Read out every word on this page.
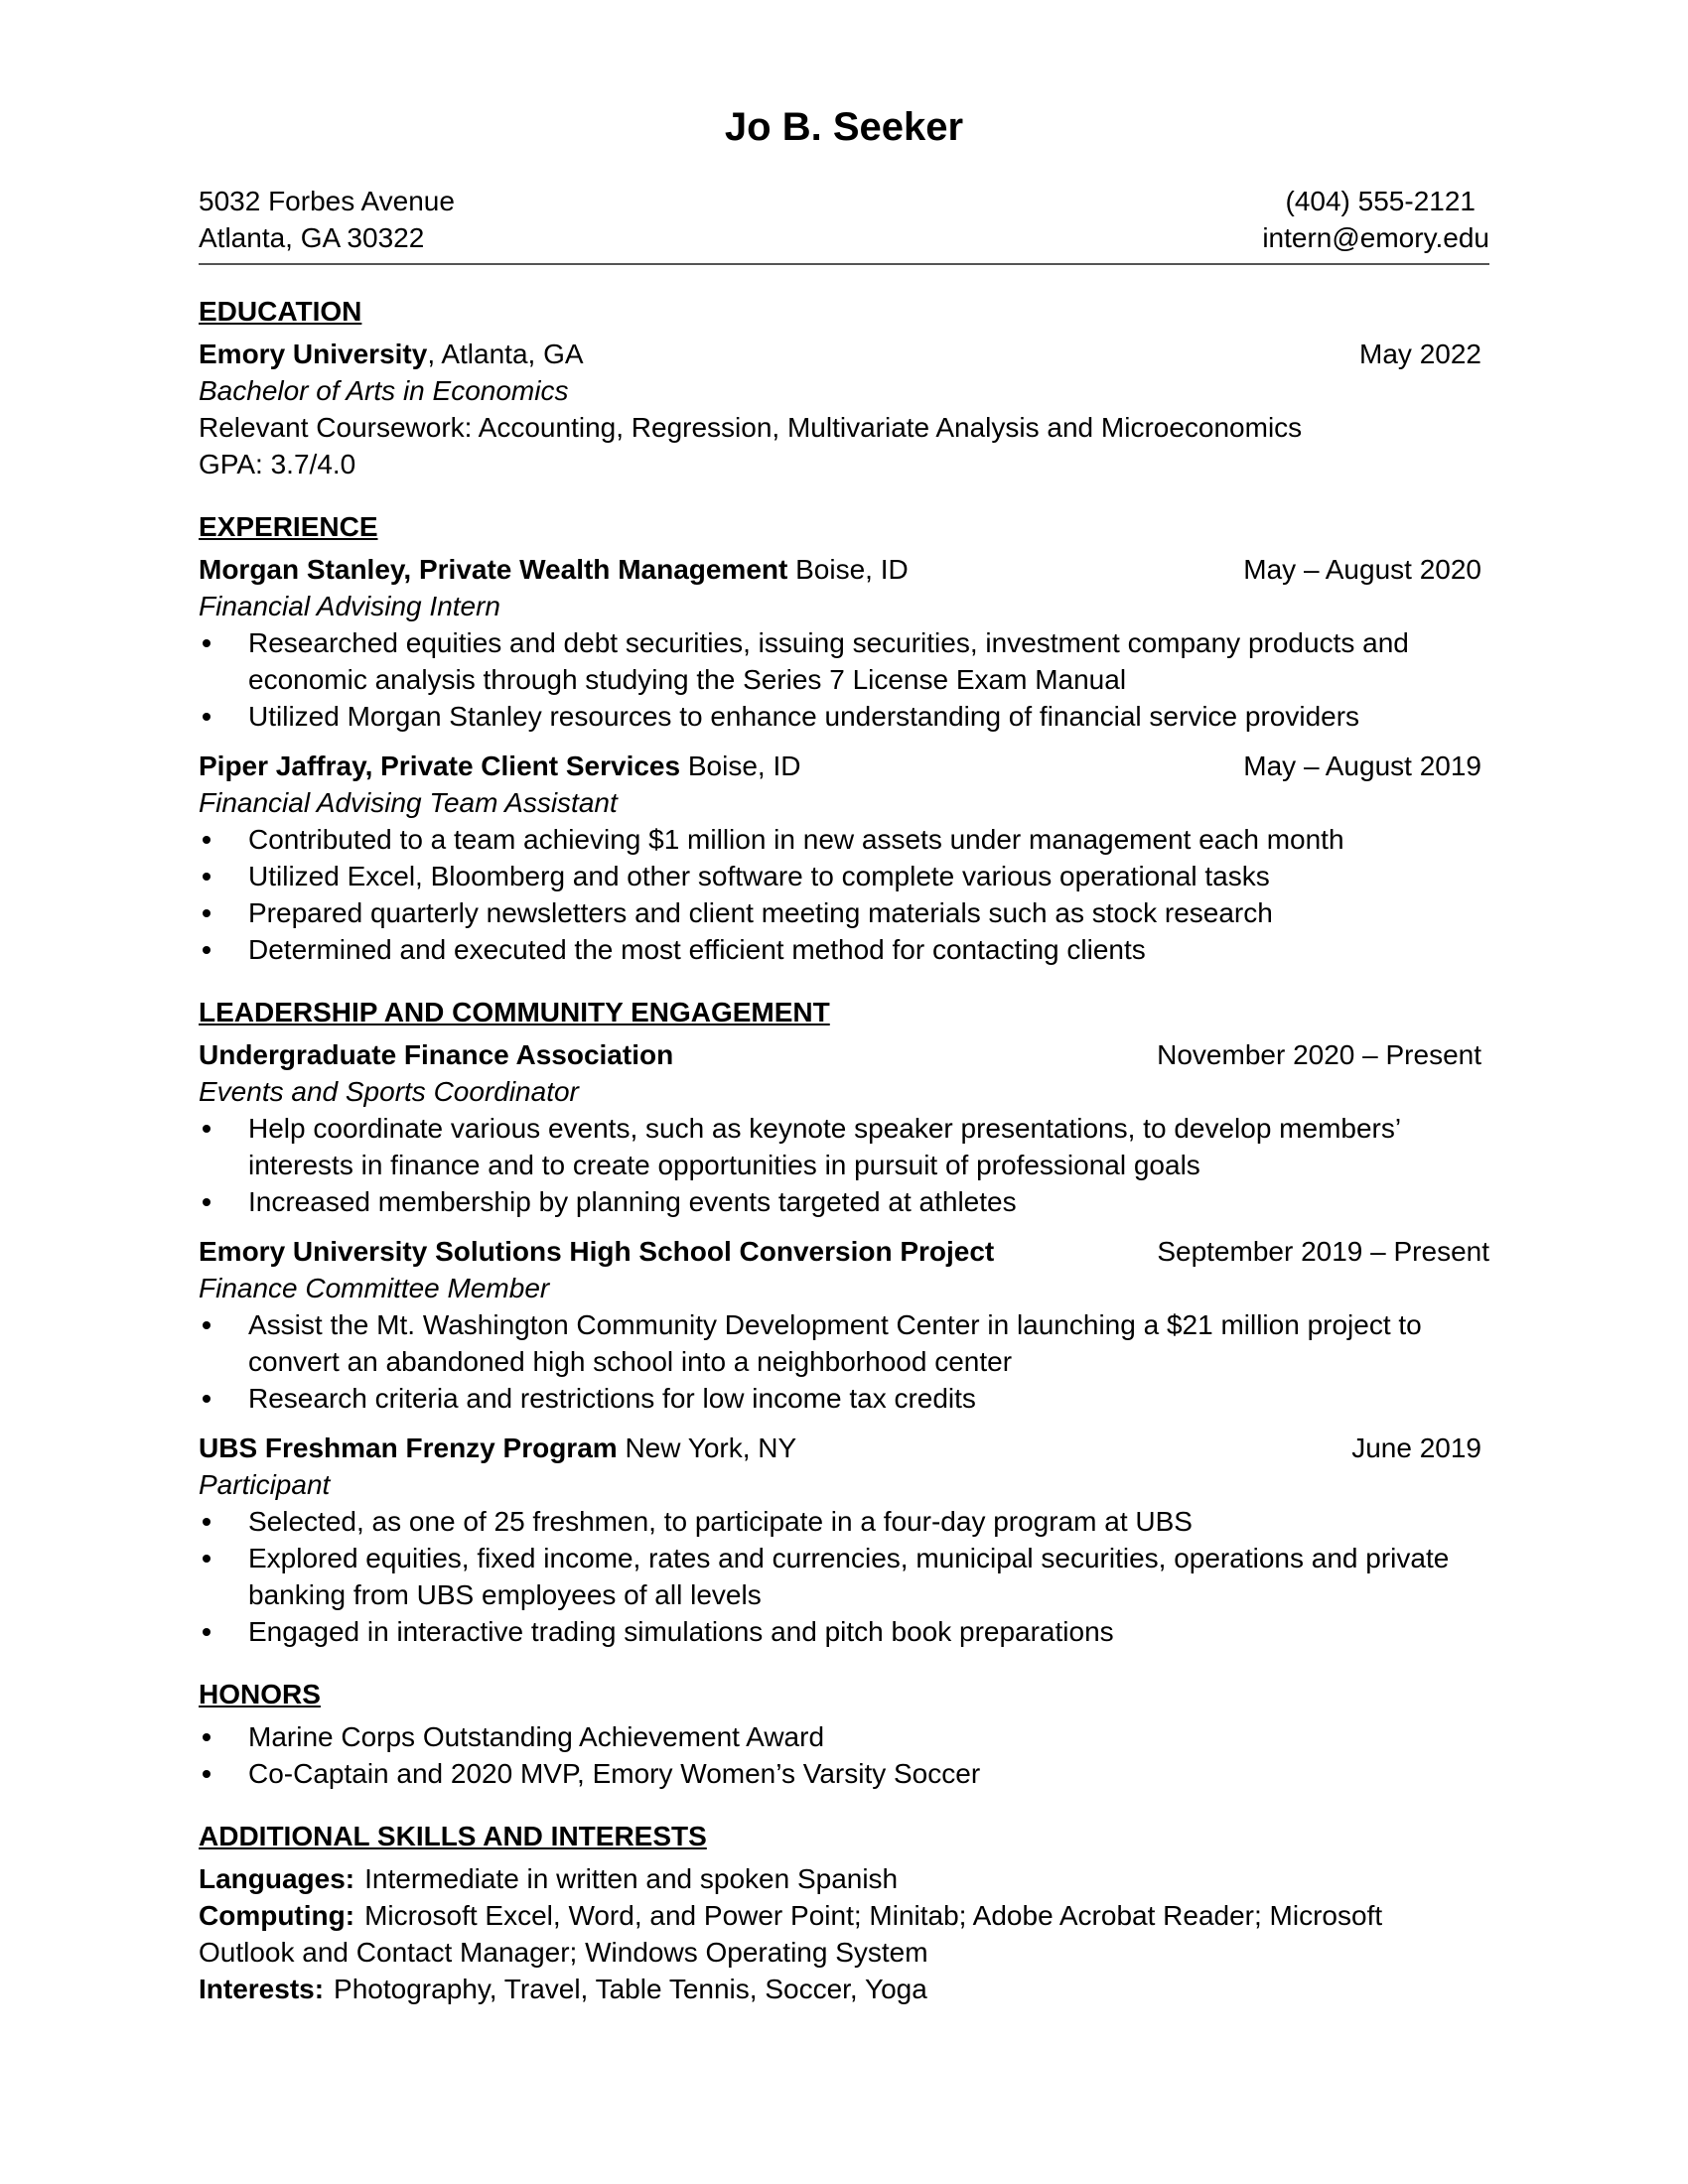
Jo B. Seeker
5032 Forbes Avenue
Atlanta, GA 30322
(404) 555-2121
intern@emory.edu
EDUCATION
Emory University, Atlanta, GA	May 2022
Bachelor of Arts in Economics
Relevant Coursework: Accounting, Regression, Multivariate Analysis and Microeconomics
GPA: 3.7/4.0
EXPERIENCE
Morgan Stanley, Private Wealth Management Boise, ID	May – August 2020
Financial Advising Intern
Researched equities and debt securities, issuing securities, investment company products and economic analysis through studying the Series 7 License Exam Manual
Utilized Morgan Stanley resources to enhance understanding of financial service providers
Piper Jaffray, Private Client Services Boise, ID	May – August 2019
Financial Advising Team Assistant
Contributed to a team achieving $1 million in new assets under management each month
Utilized Excel, Bloomberg and other software to complete various operational tasks
Prepared quarterly newsletters and client meeting materials such as stock research
Determined and executed the most efficient method for contacting clients
LEADERSHIP AND COMMUNITY ENGAGEMENT
Undergraduate Finance Association	November 2020 – Present
Events and Sports Coordinator
Help coordinate various events, such as keynote speaker presentations, to develop members’ interests in finance and to create opportunities in pursuit of professional goals
Increased membership by planning events targeted at athletes
Emory University Solutions High School Conversion Project	September 2019 – Present
Finance Committee Member
Assist the Mt. Washington Community Development Center in launching a $21 million project to convert an abandoned high school into a neighborhood center
Research criteria and restrictions for low income tax credits
UBS Freshman Frenzy Program New York, NY	June 2019
Participant
Selected, as one of 25 freshmen, to participate in a four-day program at UBS
Explored equities, fixed income, rates and currencies, municipal securities, operations and private banking from UBS employees of all levels
Engaged in interactive trading simulations and pitch book preparations
HONORS
Marine Corps Outstanding Achievement Award
Co-Captain and 2020 MVP, Emory Women’s Varsity Soccer
ADDITIONAL SKILLS AND INTERESTS
Languages: Intermediate in written and spoken Spanish
Computing: Microsoft Excel, Word, and Power Point; Minitab; Adobe Acrobat Reader; Microsoft Outlook and Contact Manager; Windows Operating System
Interests: Photography, Travel, Table Tennis, Soccer, Yoga
